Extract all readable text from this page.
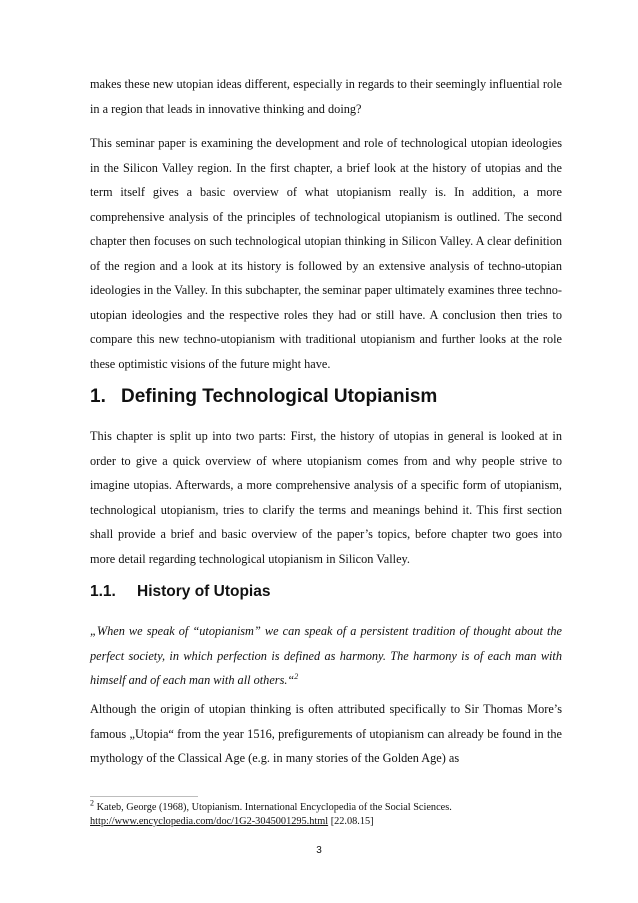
makes these new utopian ideas different, especially in regards to their seemingly influential role in a region that leads in innovative thinking and doing?

This seminar paper is examining the development and role of technological utopian ideologies in the Silicon Valley region. In the first chapter, a brief look at the history of utopias and the term itself gives a basic overview of what utopianism really is. In addition, a more comprehensive analysis of the principles of technological utopianism is outlined. The second chapter then focuses on such technological utopian thinking in Silicon Valley. A clear definition of the region and a look at its history is followed by an extensive analysis of techno-utopian ideologies in the Valley. In this subchapter, the seminar paper ultimately examines three techno-utopian ideologies and the respective roles they had or still have. A conclusion then tries to compare this new techno-utopianism with traditional utopianism and further looks at the role these optimistic visions of the future might have.

1. Defining Technological Utopianism

This chapter is split up into two parts: First, the history of utopias in general is looked at in order to give a quick overview of where utopianism comes from and why people strive to imagine utopias. Afterwards, a more comprehensive analysis of a specific form of utopianism, technological utopianism, tries to clarify the terms and meanings behind it. This first section shall provide a brief and basic overview of the paper’s topics, before chapter two goes into more detail regarding technological utopianism in Silicon Valley.

1.1. History of Utopias

„When we speak of “utopianism” we can speak of a persistent tradition of thought about the perfect society, in which perfection is defined as harmony. The harmony is of each man with himself and of each man with all others.“$^2$

Although the origin of utopian thinking is often attributed specifically to Sir Thomas More’s famous „Utopia“ from the year 1516, prefigurements of utopianism can already be found in the mythology of the Classical Age (e.g. in many stories of the Golden Age) as

$^2$ Kateb, George (1968), Utopianism. International Encyclopedia of the Social Sciences.
http://www.encyclopedia.com/doc/1G2-3045001295.html [22.08.15]
3
